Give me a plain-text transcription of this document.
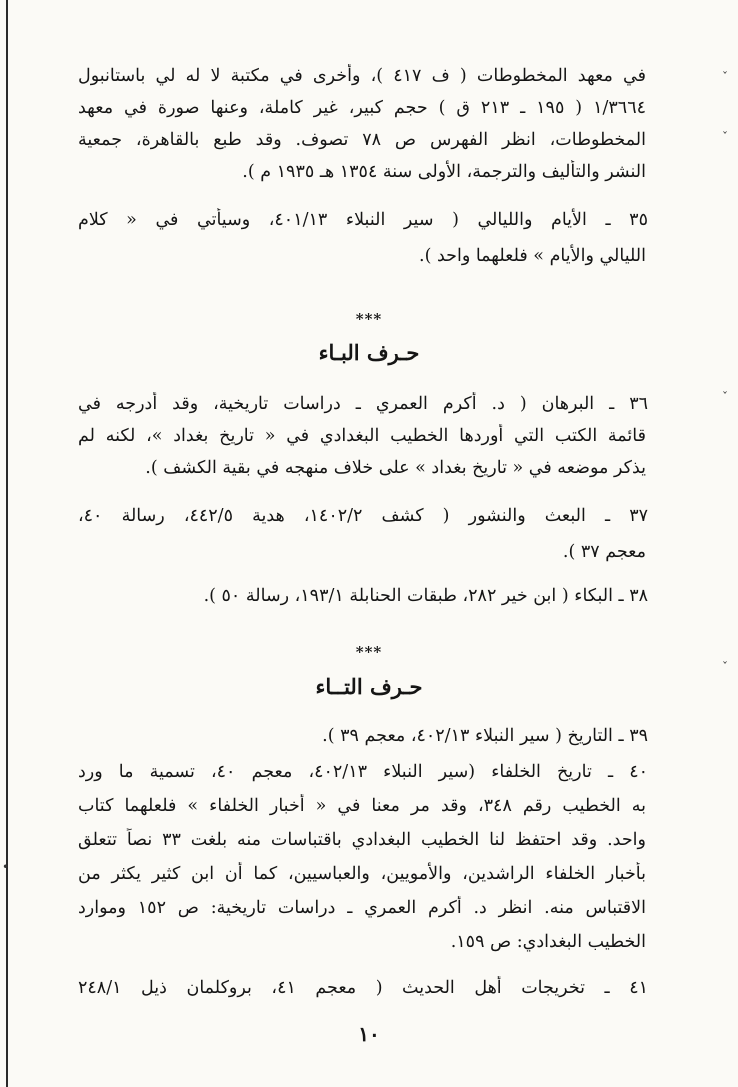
ˇ
ˇ
ˇ
ˇ
•
في معهد المخطوطات ( ف ٤١٧ )، وأخرى في مكتبة لا له لي باستانبول
١/٣٦٦٤ ( ١٩٥ ـ ٢١٣ ق ) حجم كبير، غير كاملة، وعنها صورة في معهد
المخطوطات، انظر الفهرس ص ٧٨ تصوف. وقد طبع بالقاهرة، جمعية
النشر والتأليف والترجمة، الأولى سنة ١٣٥٤ هـ ١٩٣٥ م ).
٣٥ ـ الأيام والليالي ( سير النبلاء ٤٠١/١٣، وسيأتي في « كلام
الليالي والأيام » فلعلهما واحد ).
***
حـرف البـاء
٣٦ ـ البرهان ( د. أكرم العمري ـ دراسات تاريخية، وقد أدرجه في
قائمة الكتب التي أوردها الخطيب البغدادي في « تاريخ بغداد »، لكنه لم
يذكر موضعه في « تاريخ بغداد » على خلاف منهجه في بقية الكشف ).
٣٧ ـ البعث والنشور ( كشف ١٤٠٢/٢، هدية ٤٤٢/٥، رسالة ٤٠،
معجم ٣٧ ).
٣٨ ـ البكاء ( ابن خير ٢٨٢، طبقات الحنابلة ١٩٣/١، رسالة ٥٠ ).
***
حـرف التــاء
٣٩ ـ التاريخ ( سير النبلاء ٤٠٢/١٣، معجم ٣٩ ).
٤٠ ـ تاريخ الخلفاء (سير النبلاء ٤٠٢/١٣، معجم ٤٠، تسمية ما ورد
به الخطيب رقم ٣٤٨، وقد مر معنا في « أخبار الخلفاء » فلعلهما كتاب
واحد. وقد احتفظ لنا الخطيب البغدادي باقتباسات منه بلغت ٣٣ نصاً تتعلق
بأخبار الخلفاء الراشدين، والأمويين، والعباسيين، كما أن ابن كثير يكثر من
الاقتباس منه. انظر د. أكرم العمري ـ دراسات تاريخية: ص ١٥٢ وموارد
الخطيب البغدادي: ص ١٥٩.
٤١ ـ تخريجات أهل الحديث ( معجم ٤١، بروكلمان ذيل ٢٤٨/١
١٠
